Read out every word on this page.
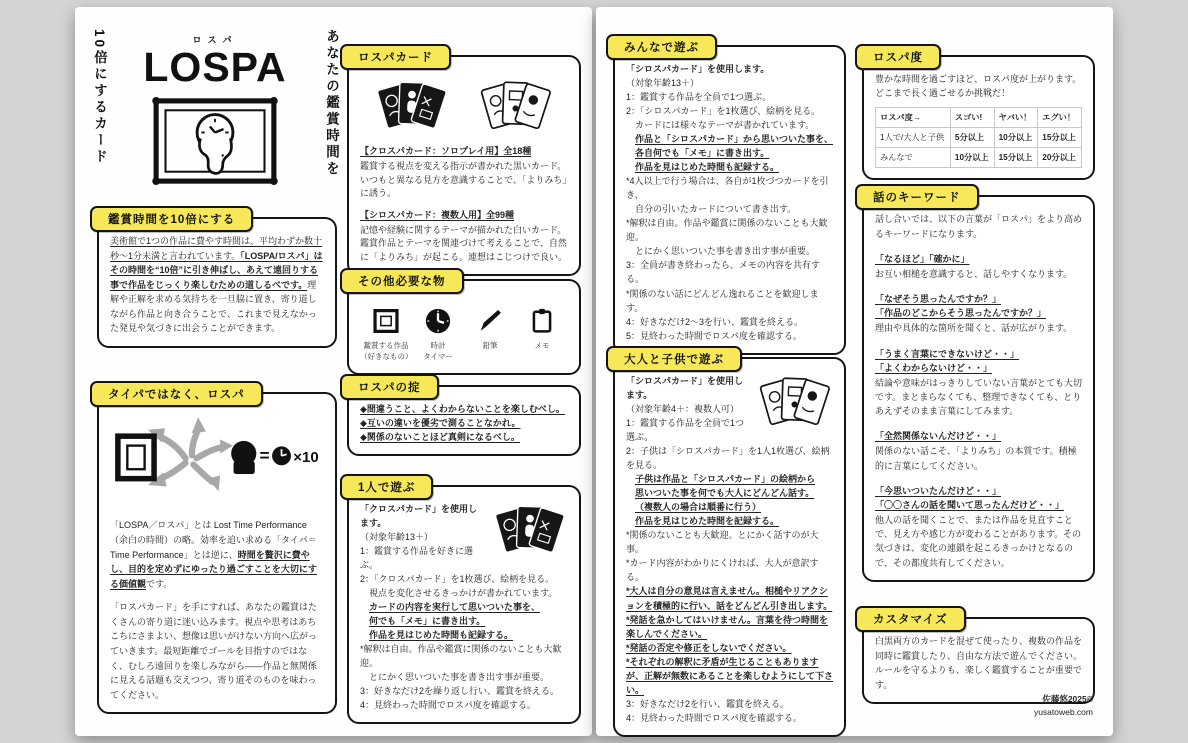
10倍にするカード	ロスパ
LOSPA	あなたの鑑賞時間を
鑑賞時間を10倍にする

美術館で1つの作品に費やす時間は、平均わずか数十秒〜1分未満と言われています。「LOSPA/ロスパ」はその時間を“10倍”に引き伸ばし、あえて遠回りする事で作品をじっくり楽しむための道しるべです。理解や正解を求める気持ちを一旦脇に置き、寄り道しながら作品と向き合うことで、これまで見えなかった発見や気づきに出会うことができます。

タイパではなく、ロスパ

「LOSPA／ロスパ」とは Lost Time Performance（余白の時間）の略。効率を追い求める「タイパ＝Time Performance」とは逆に、時間を贅沢に費やし、目的を定めずにゆったり過ごすことを大切にする価値観です。

「ロスパカード」を手にすれば、あなたの鑑賞はたくさんの寄り道に迷い込みます。視点や思考はあちこちにさまよい、想像は思いがけない方向へ広がっていきます。最短距離でゴールを目指すのではなく、むしろ遠回りを楽しみながら――作品と無関係に見える話題も交えつつ、寄り道そのものを味わってください。

ロスパカード
【クロスパカード：ソロプレイ用】全18種
鑑賞する視点を変える指示が書かれた黒いカード。いつもと異なる見方を意識することで、「よりみち」に誘う。
【シロスパカード：複数人用】全99種
記憶や経験に関するテーマが描かれた白いカード。鑑賞作品とテーマを関連づけて考えることで、自然に「よりみち」が起こる。連想はこじつけで良い。
その他必要な物
鑑賞する作品
（好きなもの）
時計
タイマー
鉛筆	メモ
ロスパの掟
◆間違うこと、よくわからないことを楽しむべし。
◆互いの違いを優劣で測ることなかれ。
◆関係のないことほど真剣になるべし。
1人で遊ぶ
「クロスパカード」を使用します。
（対象年齢13＋）
1：鑑賞する作品を好きに選ぶ。
2：「クロスパカード」を1枚選び、絵柄を見る。
視点を変化させるきっかけが書かれています。
カードの内容を実行して思いついた事を、
何でも「メモ」に書き出す。
作品を見はじめた時間も記録する。
*解釈は自由。作品や鑑賞に関係のないことも大歓迎。
とにかく思いついた事を書き出す事が重要。
3：好きなだけ2を繰り返し行い、鑑賞を終える。
4：見終わった時間でロスパ度を確認する。
みんなで遊ぶ
「シロスパカード」を使用します。
（対象年齢13＋）
1：鑑賞する作品を全員で1つ選ぶ。
2：「シロスパカード」を1枚選び、絵柄を見る。
カードには様々なテーマが書かれています。
作品と「シロスパカード」から思いついた事を、
各自何でも「メモ」に書き出す。
作品を見はじめた時間も記録する。
*4人以上で行う場合は、各自が1枚づつカードを引き、
自分の引いたカードについて書き出す。
*解釈は自由。作品や鑑賞に関係のないことも大歓迎。
とにかく思いついた事を書き出す事が重要。
3：全員が書き終わったら、メモの内容を共有する。
*関係のない話にどんどん逸れることを歓迎します。
4：好きなだけ2〜3を行い、鑑賞を終える。
5：見終わった時間でロスパ度を確認する。
大人と子供で遊ぶ
「シロスパカード」を使用します。
（対象年齢4＋：複数人可）
1：鑑賞する作品を全員で1つ選ぶ。
2：子供は「シロスパカード」を1人1枚選び、絵柄を見る。
子供は作品と「シロスパカード」の絵柄から
思いついた事を何でも大人にどんどん話す。
（複数人の場合は順番に行う）
作品を見はじめた時間を記録する。
*関係のないことも大歓迎。とにかく話すのが大事。
*カード内容がわかりにくければ、大人が意訳する。
*大人は自分の意見は言えません。相槌やリアクションを積極的に行い、話をどんどん引き出します。
*発話を急かしてはいけません。言葉を待つ時間を楽しんでください。
*発話の否定や修正をしないでください。
*それぞれの解釈に矛盾が生じることもありますが、正解が無数にあることを楽しむようにして下さい。
3：好きなだけ2を行い、鑑賞を終える。
4：見終わった時間でロスパ度を確認する。
ロスパ度
豊かな時間を過ごすほど、ロスパ度が上がります。
どこまで長く過ごせるか挑戦だ！
ロスパ度→	スゴい!	ヤバい！	エグい！
1人で/大人と子供	5分以上	10分以上	15分以上
みんなで	10分以上	15分以上	20分以上
話のキーワード

話し合いでは、以下の言葉が「ロスパ」をより高めるキーワードになります。

「なるほど」「確かに」
お互い相槌を意識すると、話しやすくなります。
「なぜそう思ったんですか？」
「作品のどこからそう思ったんですか？」
理由や具体的な箇所を聞くと、話が広がります。
「うまく言葉にできないけど・・」
「よくわからないけど・・」
結論や意味がはっきりしていない言葉がとても大切です。まとまらなくても、整理できなくても、とりあえずそのまま言葉にしてみます。
「全然関係ないんだけど・・」
関係のない話こそ、「よりみち」の本質です。積極的に言葉にしてください。
「今思いついたんだけど・・」
「〇〇さんの話を聞いて思ったんだけど・・」
他人の話を聞くことで、または作品を見直すことで、見え方や感じ方が変わることがあります。その気づきは、変化の連鎖を起こるきっかけとなるので、その都度共有してください。
カスタマイズ

白黒両方のカードを混ぜて使ったり、複数の作品を同時に鑑賞したり、自由な方法で遊んでください。ルールを守るよりも、楽しく鑑賞することが重要です。

佐藤悠2025©
yusatoweb.com
